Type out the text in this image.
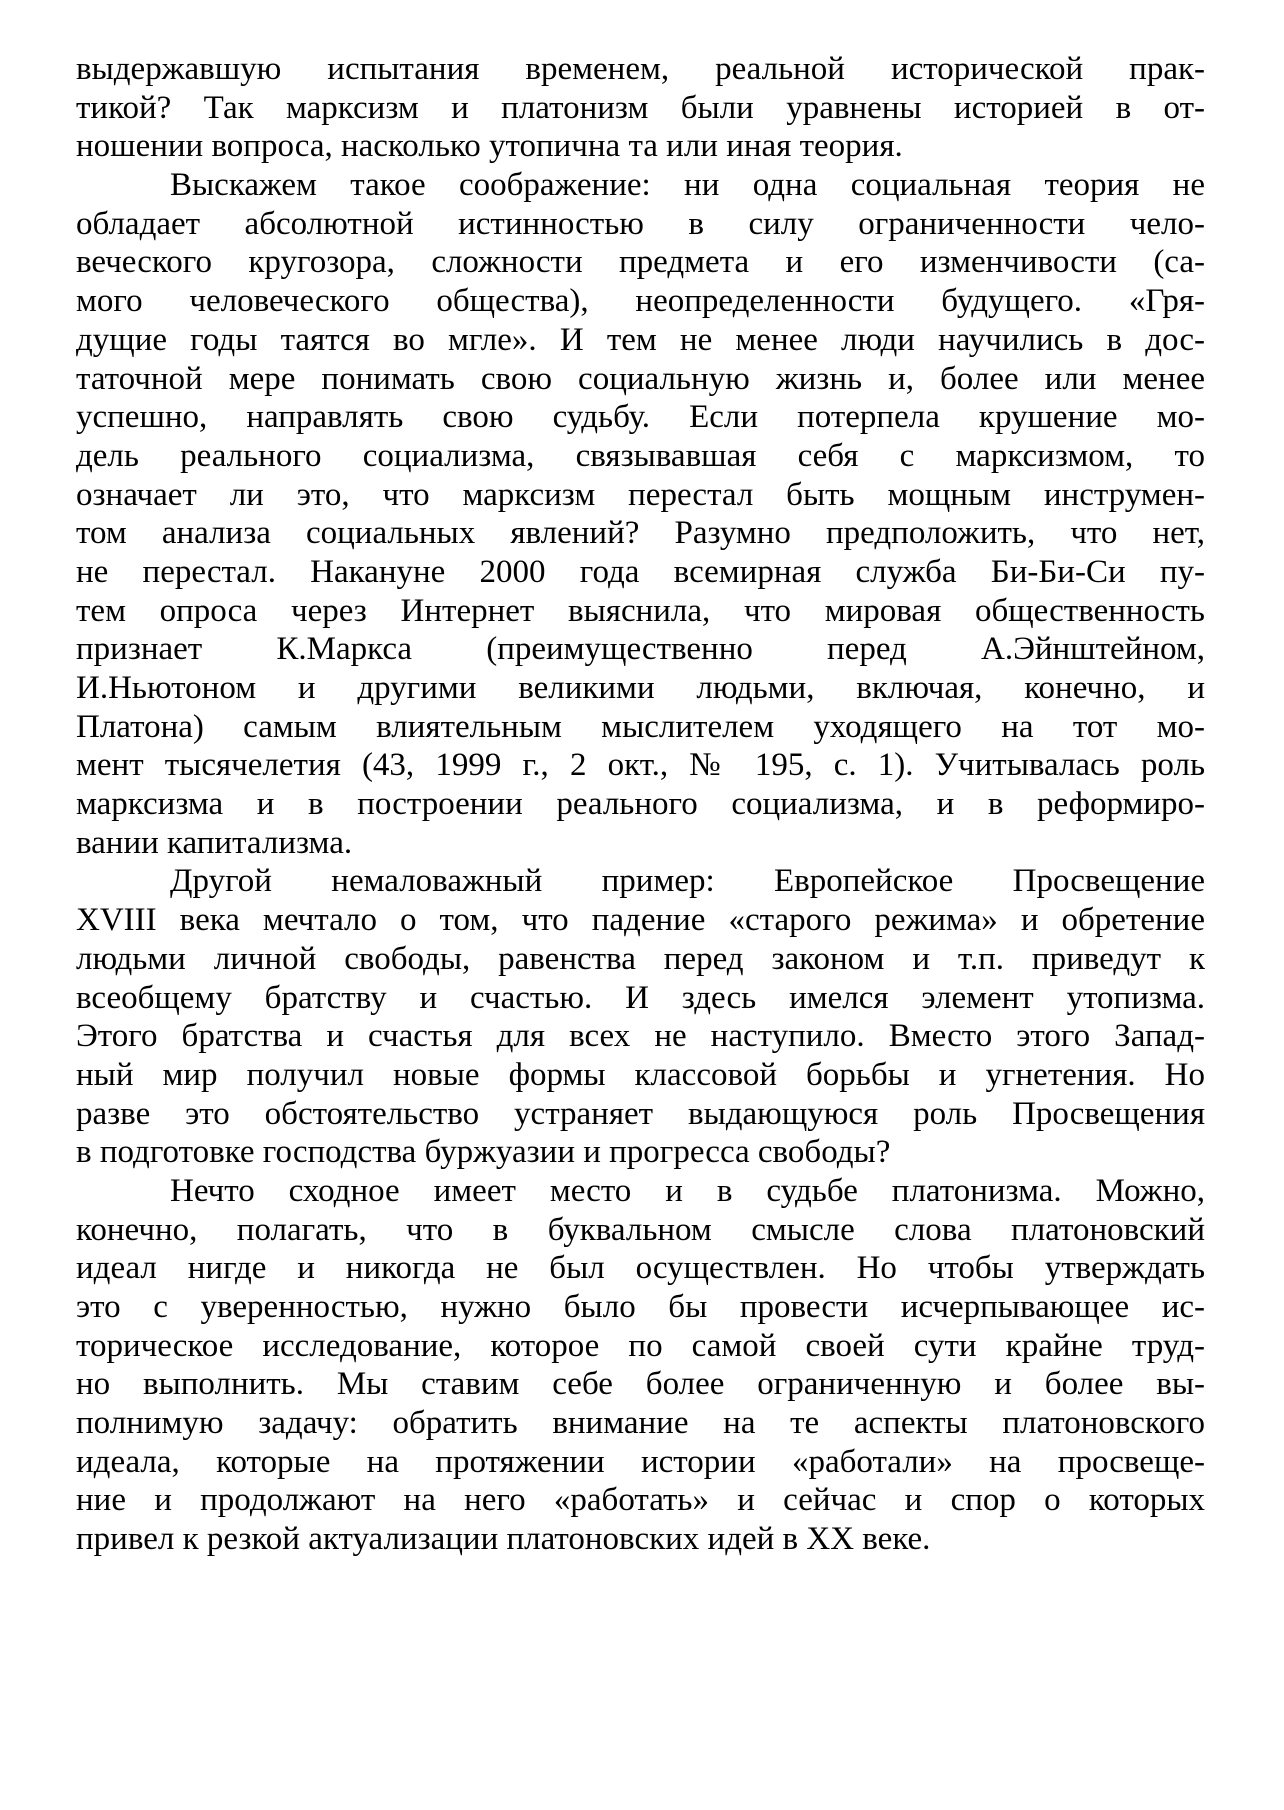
выдержавшую испытания временем, реальной исторической прак-
тикой? Так марксизм и платонизм были уравнены историей в от-
ношении вопроса, насколько утопична та или иная теория.
Выскажем такое соображение: ни одна социальная теория не
обладает абсолютной истинностью в силу ограниченности чело-
веческого кругозора, сложности предмета и его изменчивости (са-
мого человеческого общества), неопределенности будущего. «Гря-
дущие годы таятся во мгле». И тем не менее люди научились в дос-
таточной мере понимать свою социальную жизнь и, более или менее
успешно, направлять свою судьбу. Если потерпела крушение мо-
дель реального социализма, связывавшая себя с марксизмом, то
означает ли это, что марксизм перестал быть мощным инструмен-
том анализа социальных явлений? Разумно предположить, что нет,
не перестал. Накануне 2000 года всемирная служба Би-Би-Си пу-
тем опроса через Интернет выяснила, что мировая общественность
признает К.Маркса (преимущественно перед А.Эйнштейном,
И.Ньютоном и другими великими людьми, включая, конечно, и
Платона) самым влиятельным мыслителем уходящего на тот мо-
мент тысячелетия (43, 1999 г., 2 окт., № 195, с. 1). Учитывалась роль
марксизма и в построении реального социализма, и в реформиро-
вании капитализма.
Другой немаловажный пример: Европейское Просвещение
XVIII века мечтало о том, что падение «старого режима» и обретение
людьми личной свободы, равенства перед законом и т.п. приведут к
всеобщему братству и счастью. И здесь имелся элемент утопизма.
Этого братства и счастья для всех не наступило. Вместо этого Запад-
ный мир получил новые формы классовой борьбы и угнетения. Но
разве это обстоятельство устраняет выдающуюся роль Просвещения
в подготовке господства буржуазии и прогресса свободы?
Нечто сходное имеет место и в судьбе платонизма. Можно,
конечно, полагать, что в буквальном смысле слова платоновский
идеал нигде и никогда не был осуществлен. Но чтобы утверждать
это с уверенностью, нужно было бы провести исчерпывающее ис-
торическое исследование, которое по самой своей сути крайне труд-
но выполнить. Мы ставим себе более ограниченную и более вы-
полнимую задачу: обратить внимание на те аспекты платоновского
идеала, которые на протяжении истории «работали» на просвеще-
ние и продолжают на него «работать» и сейчас и спор о которых
привел к резкой актуализации платоновских идей в XX веке.
